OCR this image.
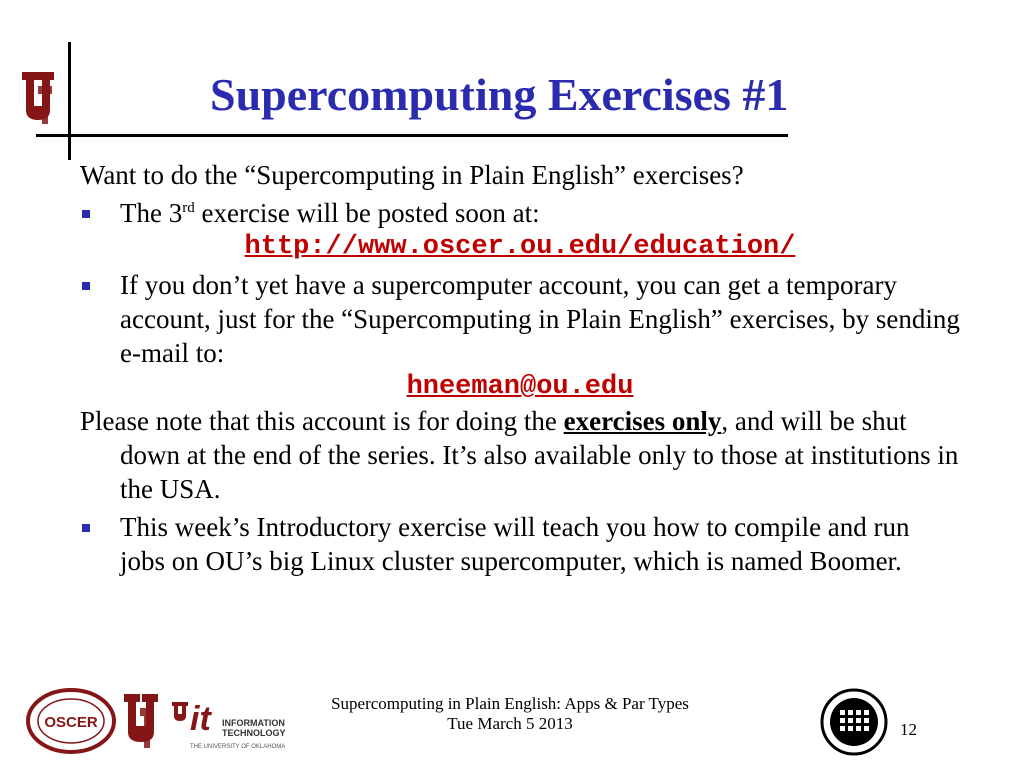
Supercomputing Exercises #1

Want to do the “Supercomputing in Plain English” exercises?

The 3rd exercise will be posted soon at:
http://www.oscer.ou.edu/education/
If you don’t yet have a supercomputer account, you can get a temporary account, just for the “Supercomputing in Plain English” exercises, by sending e-mail to:
hneeman@ou.edu

Please note that this account is for doing the exercises only, and will be shut down at the end of the series. It’s also available only to those at institutions in the USA.

This week’s Introductory exercise will teach you how to compile and run jobs on OU’s big Linux cluster supercomputer, which is named Boomer.
OSCER	it INFORMATION
TECHNOLOGY
THE UNIVERSITY OF OKLAHOMA
Supercomputing in Plain English: Apps & Par Types
Tue March 5 2013	12
